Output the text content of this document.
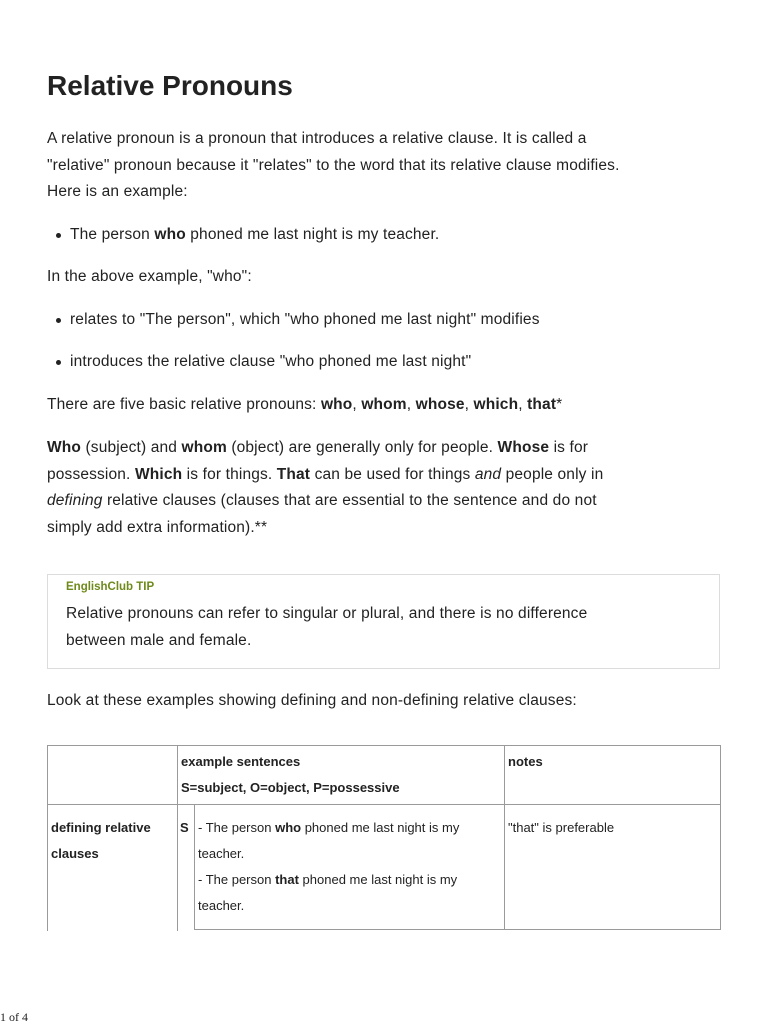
Relative Pronouns
A relative pronoun is a pronoun that introduces a relative clause. It is called a
"relative" pronoun because it "relates" to the word that its relative clause modifies.
Here is an example:
The person who phoned me last night is my teacher.
In the above example, "who":
relates to "The person", which "who phoned me last night" modifies
introduces the relative clause "who phoned me last night"
There are five basic relative pronouns: who, whom, whose, which, that*
Who (subject) and whom (object) are generally only for people. Whose is for
possession. Which is for things. That can be used for things and people only in
defining relative clauses (clauses that are essential to the sentence and do not
simply add extra information).**
EnglishClub TIP
Relative pronouns can refer to singular or plural, and there is no difference
between male and female.
Look at these examples showing defining and non-defining relative clauses:
example sentences
S=subject, O=object, P=possessive
notes
defining relative
clauses
S - The person who phoned me last night is my
teacher.
- The person that phoned me last night is my
teacher.
"that" is preferable
1 of 4
